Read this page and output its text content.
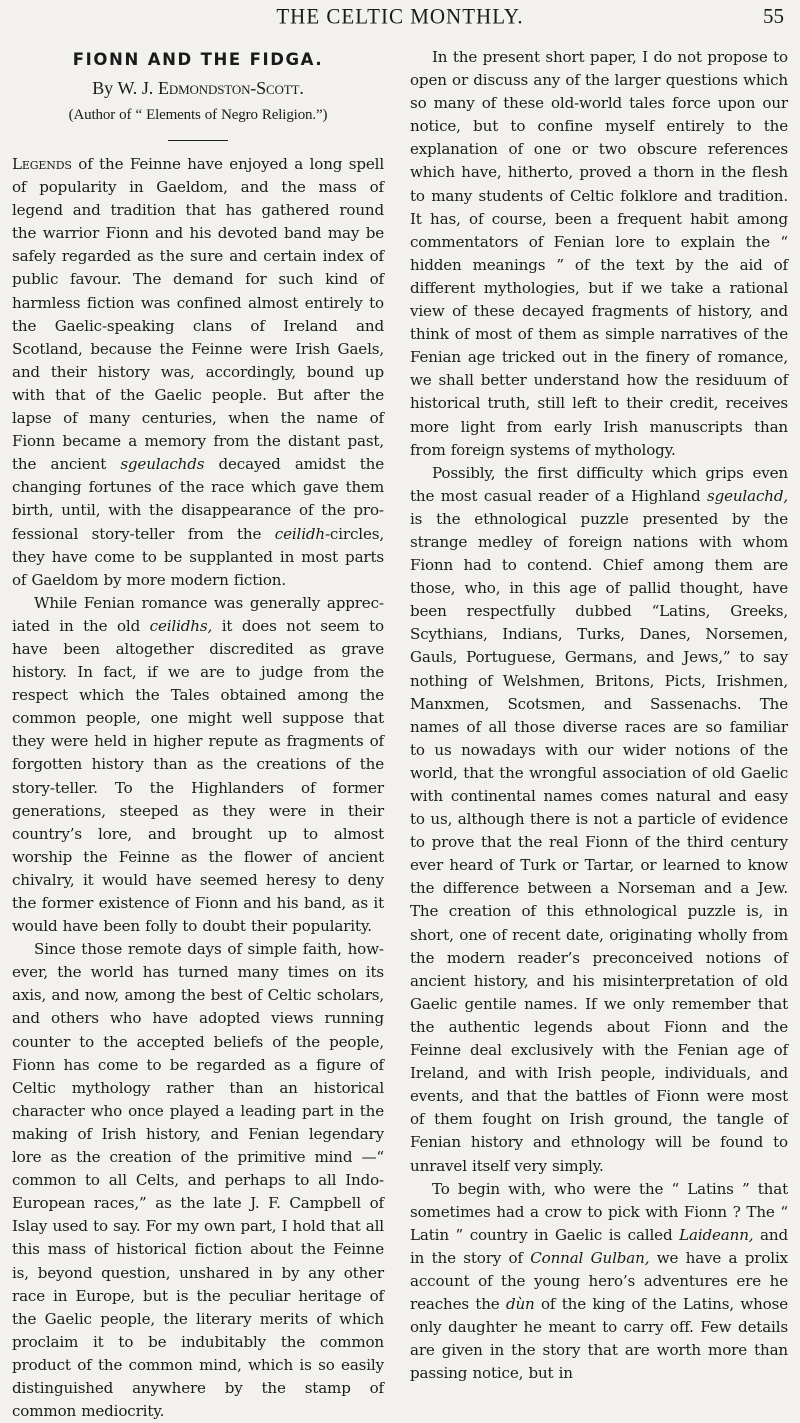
THE CELTIC MONTHLY.	55
FIONN AND THE FIDGA.
By W. J. Edmondston-Scott.
(Author of “ Elements of Negro Religion.”)

Legends of the Feinne have enjoyed a long spell of popularity in Gaeldom, and the mass of legend and tradition that has gathered round the warrior Fionn and his devoted band may be safely regarded as the sure and certain index of public favour. The demand for such kind of harmless fiction was confined almost entirely to the Gaelic-speaking clans of Ireland and Scotland, because the Feinne were Irish Gaels, and their history was, accordingly, bound up with that of the Gaelic people. But after the lapse of many centuries, when the name of Fionn became a memory from the distant past, the ancient sgeulachds decayed amidst the changing fortunes of the race which gave them birth, until, with the disappearance of the professional story-teller from the ceilidh-circles, they have come to be supplanted in most parts of Gaeldom by more modern fiction.

While Fenian romance was generally appreciated in the old ceilidhs, it does not seem to have been altogether discredited as grave history. In fact, if we are to judge from the respect which the Tales obtained among the common people, one might well suppose that they were held in higher repute as fragments of forgotten history than as the creations of the story-teller. To the Highlanders of former generations, steeped as they were in their country’s lore, and brought up to almost worship the Feinne as the flower of ancient chivalry, it would have seemed heresy to deny the former existence of Fionn and his band, as it would have been folly to doubt their popularity.

Since those remote days of simple faith, however, the world has turned many times on its axis, and now, among the best of Celtic scholars, and others who have adopted views running counter to the accepted beliefs of the people, Fionn has come to be regarded as a figure of Celtic mythology rather than an historical character who once played a leading part in the making of Irish history, and Fenian legendary lore as the creation of the primitive mind —“ common to all Celts, and perhaps to all Indo-European races,” as the late J. F. Campbell of Islay used to say. For my own part, I hold that all this mass of historical fiction about the Feinne is, beyond question, unshared in by any other race in Europe, but is the peculiar heritage of the Gaelic people, the literary merits of which proclaim it to be indubitably the common product of the common mind, which is so easily distinguished anywhere by the stamp of common mediocrity.

In the present short paper, I do not propose to open or discuss any of the larger questions which so many of these old-world tales force upon our notice, but to confine myself entirely to the explanation of one or two obscure references which have, hitherto, proved a thorn in the flesh to many students of Celtic folklore and tradition. It has, of course, been a frequent habit among commentators of Fenian lore to explain the “ hidden meanings ” of the text by the aid of different mythologies, but if we take a rational view of these decayed fragments of history, and think of most of them as simple narratives of the Fenian age tricked out in the finery of romance, we shall better understand how the residuum of historical truth, still left to their credit, receives more light from early Irish manuscripts than from foreign systems of mythology.

Possibly, the first difficulty which grips even the most casual reader of a Highland sgeulachd, is the ethnological puzzle presented by the strange medley of foreign nations with whom Fionn had to contend. Chief among them are those, who, in this age of pallid thought, have been respectfully dubbed “Latins, Greeks, Scythians, Indians, Turks, Danes, Norsemen, Gauls, Portuguese, Germans, and Jews,” to say nothing of Welshmen, Britons, Picts, Irishmen, Manxmen, Scotsmen, and Sassenachs. The names of all those diverse races are so familiar to us nowadays with our wider notions of the world, that the wrongful association of old Gaelic with continental names comes natural and easy to us, although there is not a particle of evidence to prove that the real Fionn of the third century ever heard of Turk or Tartar, or learned to know the difference between a Norseman and a Jew. The creation of this ethnological puzzle is, in short, one of recent date, originating wholly from the modern reader’s preconceived notions of ancient history, and his misinterpretation of old Gaelic gentile names. If we only remember that the authentic legends about Fionn and the Feinne deal exclusively with the Fenian age of Ireland, and with Irish people, individuals, and events, and that the battles of Fionn were most of them fought on Irish ground, the tangle of Fenian history and ethnology will be found to unravel itself very simply.

To begin with, who were the “ Latins ” that sometimes had a crow to pick with Fionn ? The “ Latin ” country in Gaelic is called Laideann, and in the story of Connal Gulban, we have a prolix account of the young hero’s adventures ere he reaches the dùn of the king of the Latins, whose only daughter he meant to carry off. Few details are given in the story that are worth more than passing notice, but in
